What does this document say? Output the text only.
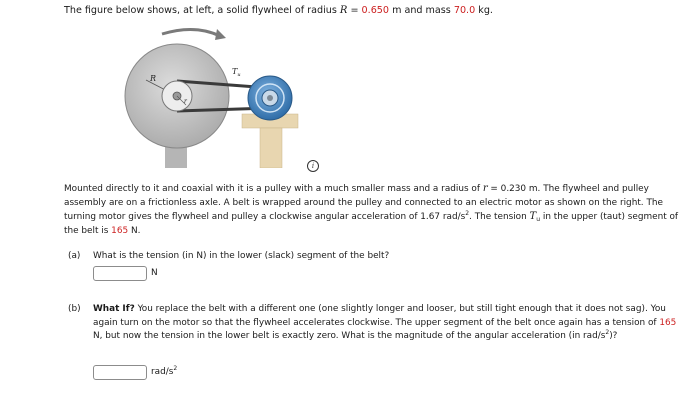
The figure below shows, at left, a solid flywheel of radius R = 0.650 m and mass 70.0 kg.
R
r
$T_u$
i
Mounted directly to it and coaxial with it is a pulley with a much smaller mass and a radius of r = 0.230 m. The flywheel and pulley assembly are on a frictionless axle. A belt is wrapped around the pulley and connected to an electric motor as shown on the right. The turning motor gives the flywheel and pulley a clockwise angular acceleration of 1.67 rad/$s^2$. The tension $T_u$ in the upper (taut) segment of the belt is 165 N.
(a) What is the tension (in N) in the lower (slack) segment of the belt?
N
(b) What If? You replace the belt with a different one (one slightly longer and looser, but still tight enough that it does not sag). You again turn on the motor so that the flywheel accelerates clockwise. The upper segment of the belt once again has a tension of 165 N, but now the tension in the lower belt is exactly zero. What is the magnitude of the angular acceleration (in rad/$s^2$)?
rad/$s^2$
